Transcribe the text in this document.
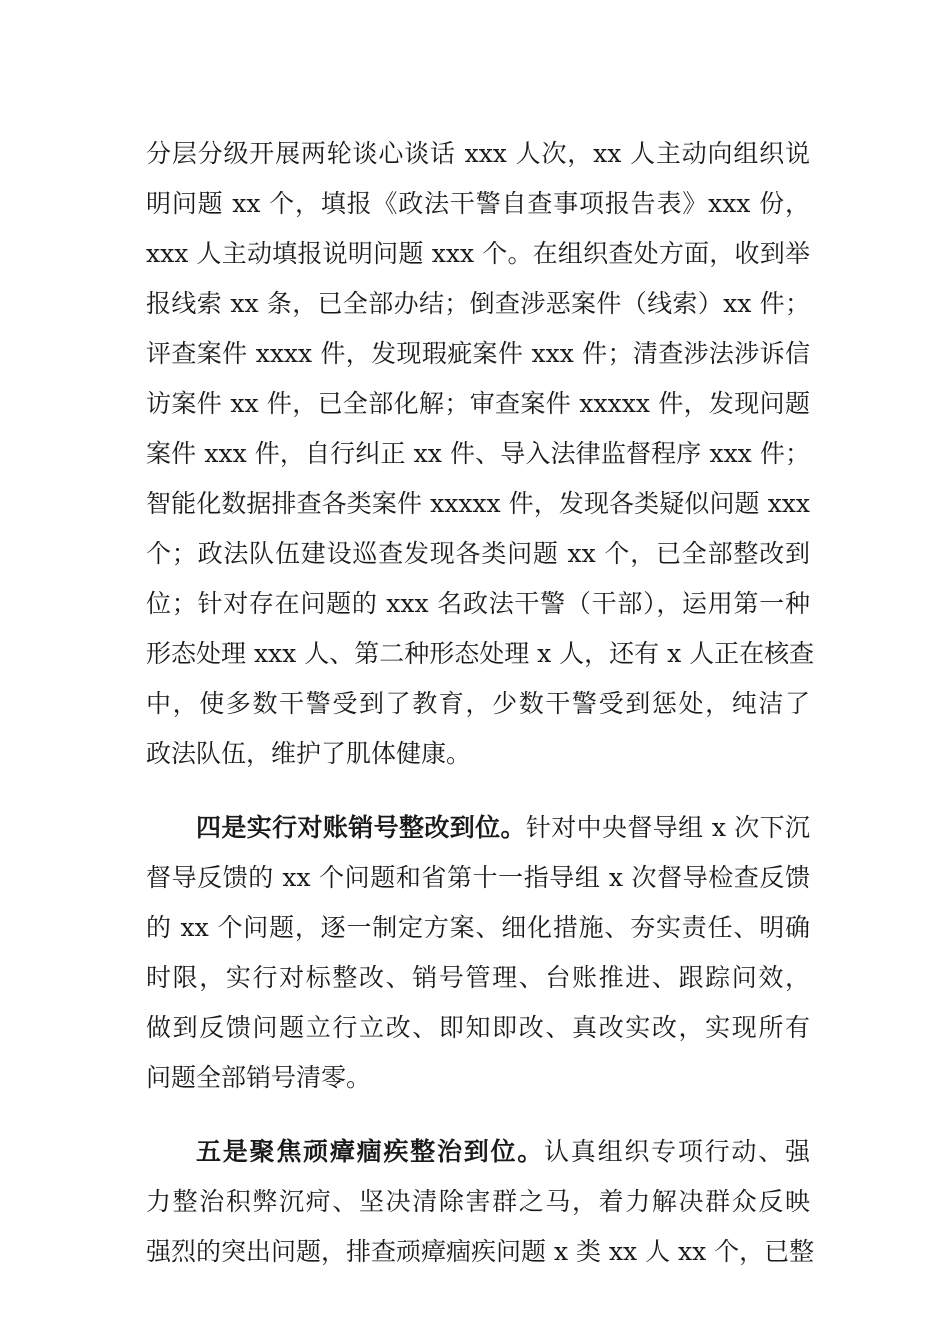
分层分级开展两轮谈心谈话 xxx 人次，xx 人主动向组织说
明问题 xx 个，填报《政法干警自查事项报告表》xxx 份，
xxx 人主动填报说明问题 xxx 个。在组织查处方面，收到举
报线索 xx 条，已全部办结；倒查涉恶案件（线索）xx 件；
评查案件 xxxx 件，发现瑕疵案件 xxx 件；清查涉法涉诉信
访案件 xx 件，已全部化解；审查案件 xxxxx 件，发现问题
案件 xxx 件，自行纠正 xx 件、导入法律监督程序 xxx 件；
智能化数据排查各类案件 xxxxx 件，发现各类疑似问题 xxx
个；政法队伍建设巡查发现各类问题 xx 个，已全部整改到
位；针对存在问题的 xxx 名政法干警（干部），运用第一种
形态处理 xxx 人、第二种形态处理 x 人，还有 x 人正在核查
中，使多数干警受到了教育，少数干警受到惩处，纯洁了
政法队伍，维护了肌体健康。
四是实行对账销号整改到位。针对中央督导组 x 次下沉
督导反馈的 xx 个问题和省第十一指导组 x 次督导检查反馈
的 xx 个问题，逐一制定方案、细化措施、夯实责任、明确
时限，实行对标整改、销号管理、台账推进、跟踪问效，
做到反馈问题立行立改、即知即改、真改实改，实现所有
问题全部销号清零。
五是聚焦顽瘴痼疾整治到位。认真组织专项行动、强
力整治积弊沉疴、坚决清除害群之马，着力解决群众反映
强烈的突出问题，排查顽瘴痼疾问题 x 类 xx 人 xx 个，已整
